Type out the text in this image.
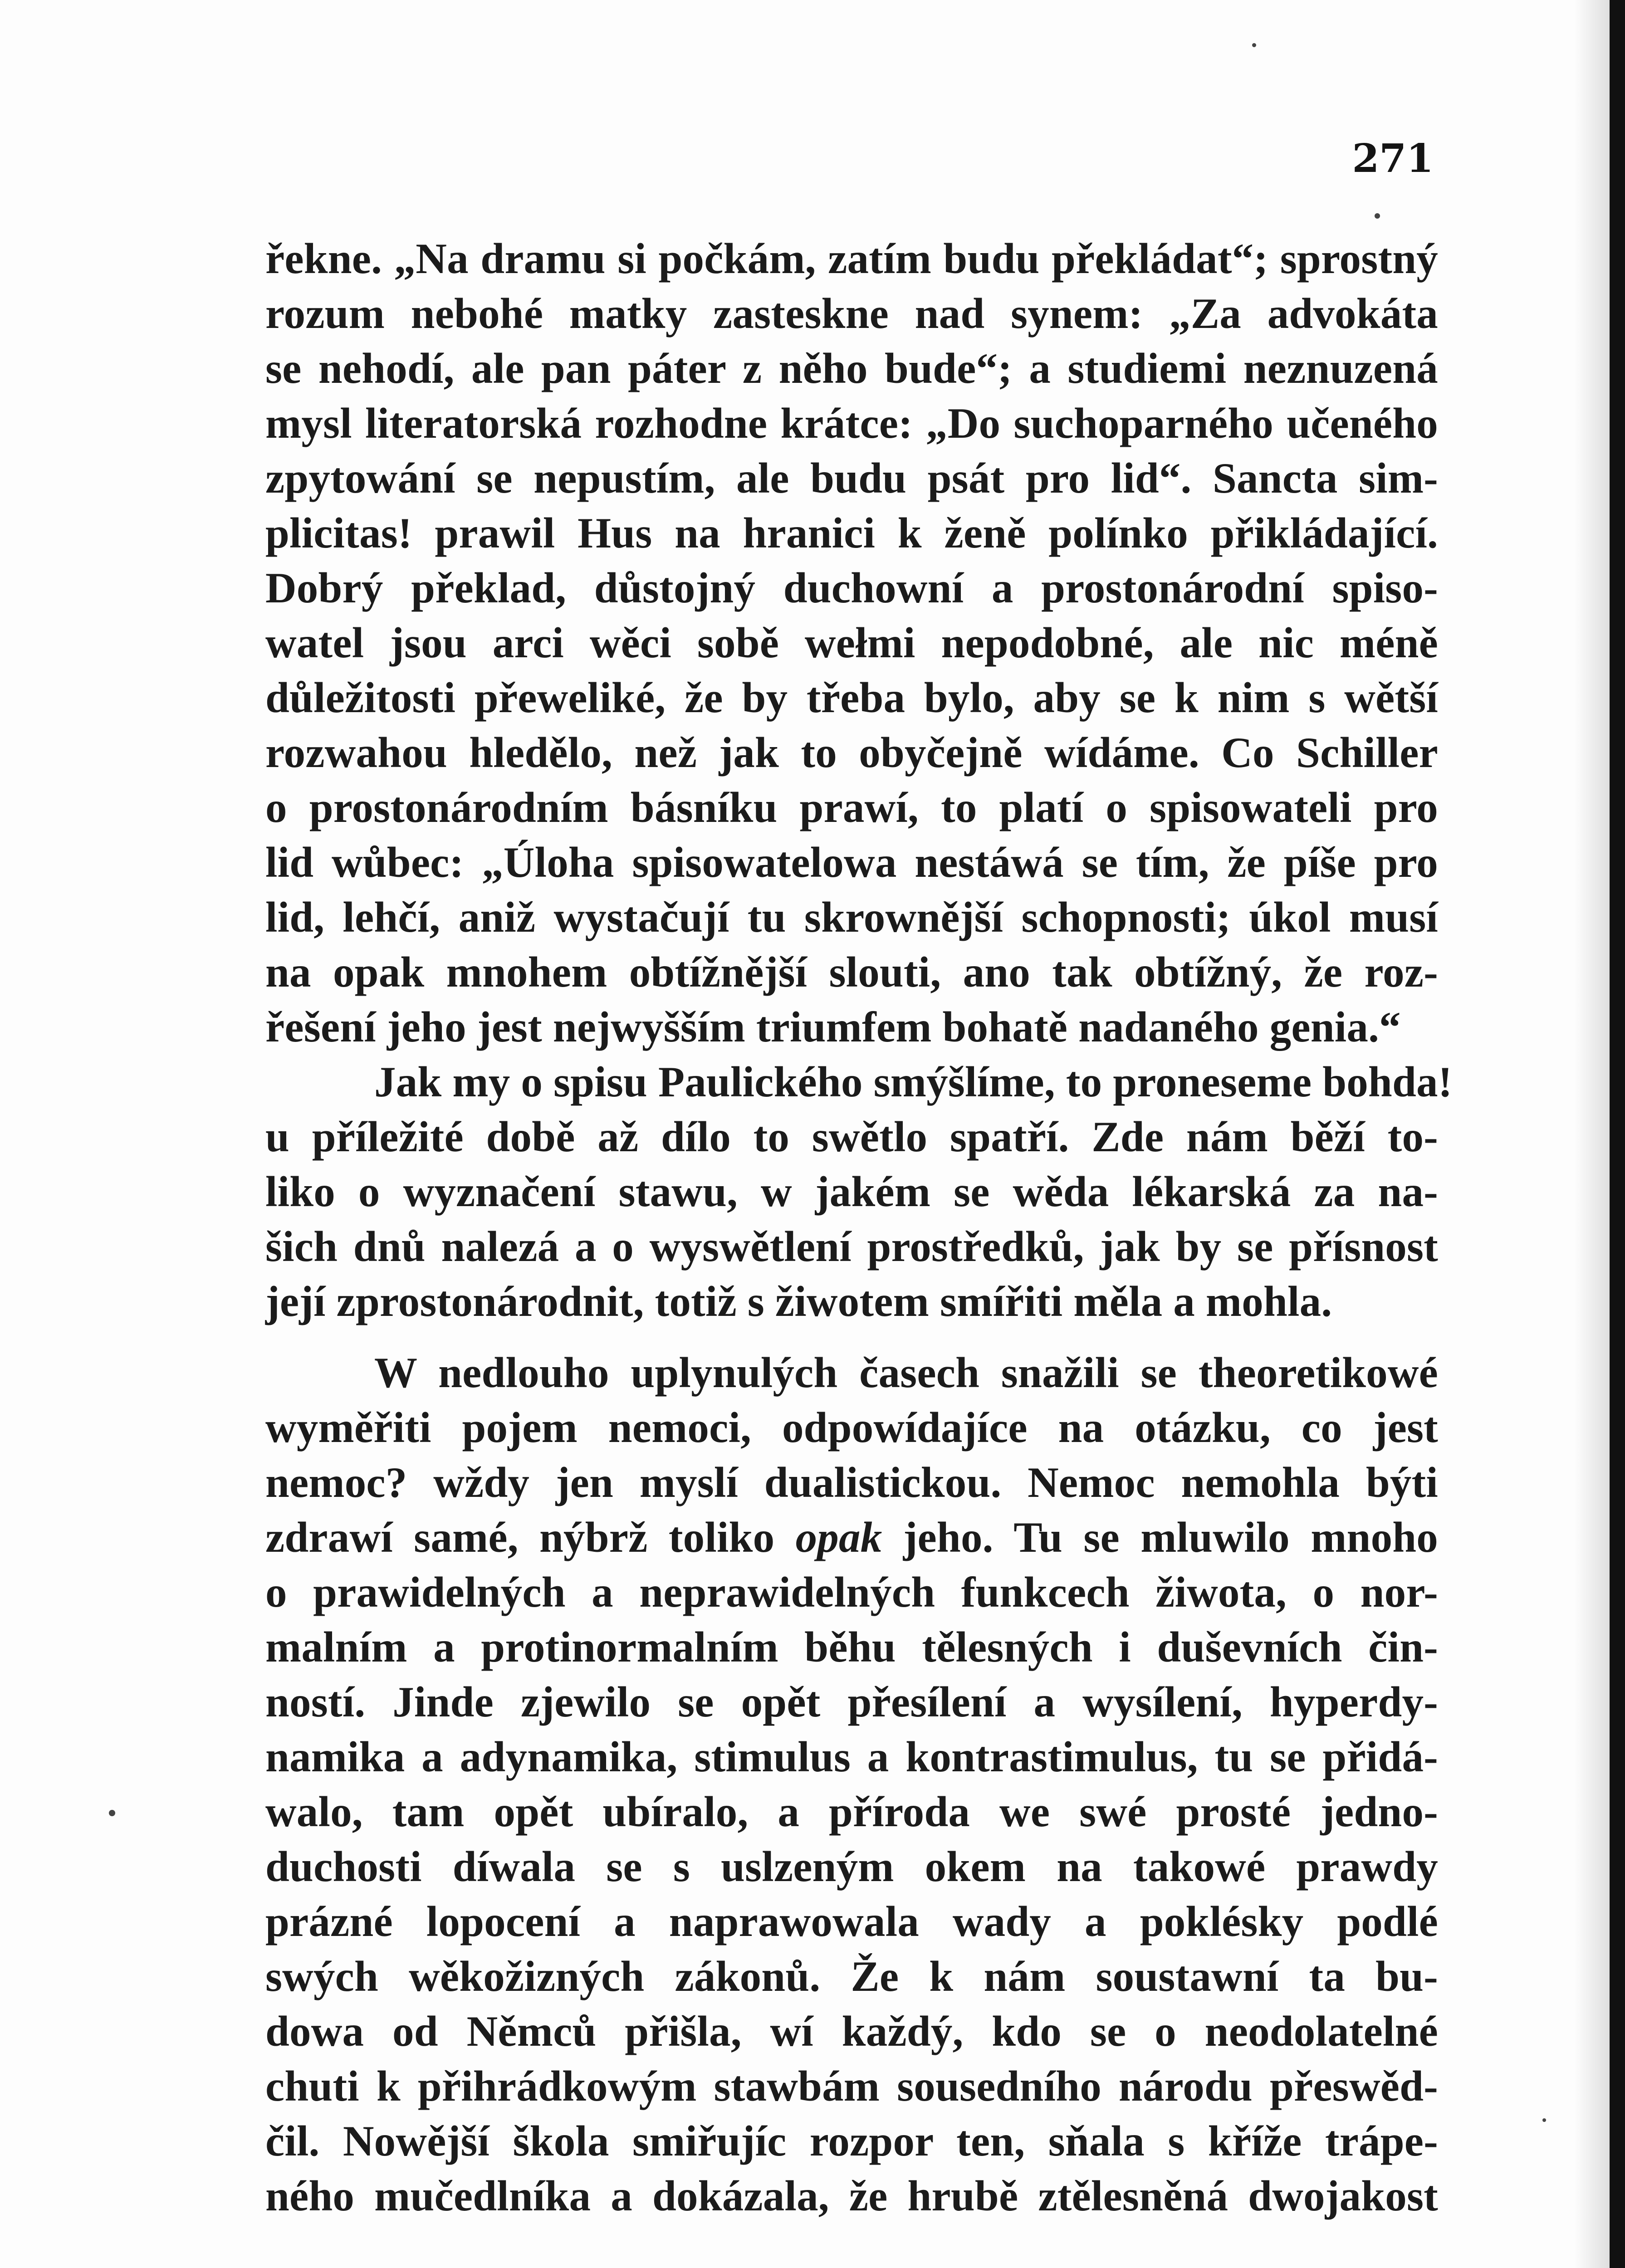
271
řekne. „Na dramu si počkám, zatím budu překládat“; sprostný
rozum nebohé matky zasteskne nad synem: „Za advokáta
se nehodí, ale pan páter z něho bude“; a studiemi neznuzená
mysl literatorská rozhodne krátce: „Do suchoparného učeného
zpytowání se nepustím, ale budu psát pro lid“. Sancta sim-
plicitas! prawil Hus na hranici k ženě polínko přikládající.
Dobrý překlad, důstojný duchowní a prostonárodní spiso-
watel jsou arci wěci sobě wełmi nepodobné, ale nic méně
důležitosti přeweliké, že by třeba bylo, aby se k nim s wětší
rozwahou hledělo, než jak to obyčejně wídáme. Co Schiller
o prostonárodním básníku prawí, to platí o spisowateli pro
lid wůbec: „Úloha spisowatelowa nestáwá se tím, že píše pro
lid, lehčí, aniž wystačují tu skrownější schopnosti; úkol musí
na opak mnohem obtížnější slouti, ano tak obtížný, že roz-
řešení jeho jest nejwyšším triumfem bohatě nadaného genia.“
Jak my o spisu Paulického smýšlíme, to proneseme bohda!
u příležité době až dílo to swětlo spatří. Zde nám běží to-
liko o wyznačení stawu, w jakém se wěda lékarská za na-
šich dnů nalezá a o wyswětlení prostředků, jak by se přísnost
její zprostonárodnit, totiž s žiwotem smířiti měla a mohla.
W nedlouho uplynulých časech snažili se theoretikowé
wyměřiti pojem nemoci, odpowídajíce na otázku, co jest
nemoc? wždy jen myslí dualistickou. Nemoc nemohla býti
zdrawí samé, nýbrž toliko opak jeho. Tu se mluwilo mnoho
o prawidelných a neprawidelných funkcech žiwota, o nor-
malním a protinormalním běhu tělesných i duševních čin-
ností. Jinde zjewilo se opět přesílení a wysílení, hyperdy-
namika a adynamika, stimulus a kontrastimulus, tu se přidá-
walo, tam opět ubíralo, a příroda we swé prosté jedno-
duchosti díwala se s uslzeným okem na takowé prawdy
prázné lopocení a naprawowala wady a poklésky podlé
swých wěkožizných zákonů. Že k nám soustawní ta bu-
dowa od Němců přišla, wí každý, kdo se o neodolatelné
chuti k přihrádkowým stawbám sousedního národu přeswěd-
čil. Nowější škola smiřujíc rozpor ten, sňala s kříže trápe-
ného mučedlníka a dokázala, že hrubě ztělesněná dwojakost
